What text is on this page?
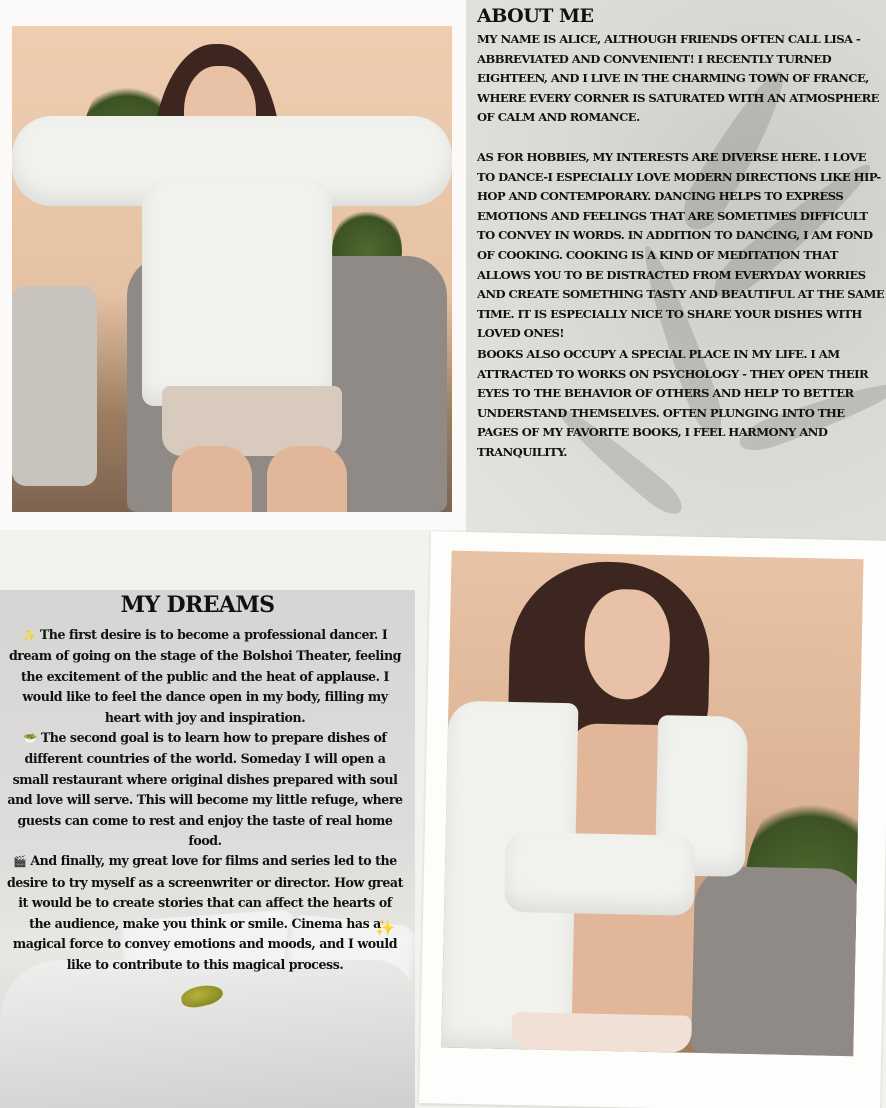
ABOUT ME

MY NAME IS ALICE, ALTHOUGH FRIENDS OFTEN CALL LISA - ABBREVIATED AND CONVENIENT! I RECENTLY TURNED EIGHTEEN, AND I LIVE IN THE CHARMING TOWN OF FRANCE, WHERE EVERY CORNER IS SATURATED WITH AN ATMOSPHERE OF CALM AND ROMANCE.

AS FOR HOBBIES, MY INTERESTS ARE DIVERSE HERE. I LOVE TO DANCE-I ESPECIALLY LOVE MODERN DIRECTIONS LIKE HIP-HOP AND CONTEMPORARY. DANCING HELPS TO EXPRESS EMOTIONS AND FEELINGS THAT ARE SOMETIMES DIFFICULT TO CONVEY IN WORDS. IN ADDITION TO DANCING, I AM FOND OF COOKING. COOKING IS A KIND OF MEDITATION THAT ALLOWS YOU TO BE DISTRACTED FROM EVERYDAY WORRIES AND CREATE SOMETHING TASTY AND BEAUTIFUL AT THE SAME TIME. IT IS ESPECIALLY NICE TO SHARE YOUR DISHES WITH LOVED ONES!

BOOKS ALSO OCCUPY A SPECIAL PLACE IN MY LIFE. I AM ATTRACTED TO WORKS ON PSYCHOLOGY - THEY OPEN THEIR EYES TO THE BEHAVIOR OF OTHERS AND HELP TO BETTER UNDERSTAND THEMSELVES. OFTEN PLUNGING INTO THE PAGES OF MY FAVORITE BOOKS, I FEEL HARMONY AND TRANQUILITY.

MY DREAMS
✨ The first desire is to become a professional dancer. I dream of going on the stage of the Bolshoi Theater, feeling the excitement of the public and the heat of applause. I would like to feel the dance open in my body, filling my heart with joy and inspiration.
🥗 The second goal is to learn how to prepare dishes of different countries of the world. Someday I will open a small restaurant where original dishes prepared with soul and love will serve. This will become my little refuge, where guests can come to rest and enjoy the taste of real home food.
🎬 And finally, my great love for films and series led to the desire to try myself as a screenwriter or director. How great it would be to create stories that can affect the hearts of the audience, make you think or smile. Cinema has a magical force to convey emotions and moods, and I would like to contribute to this magical process.
✨
